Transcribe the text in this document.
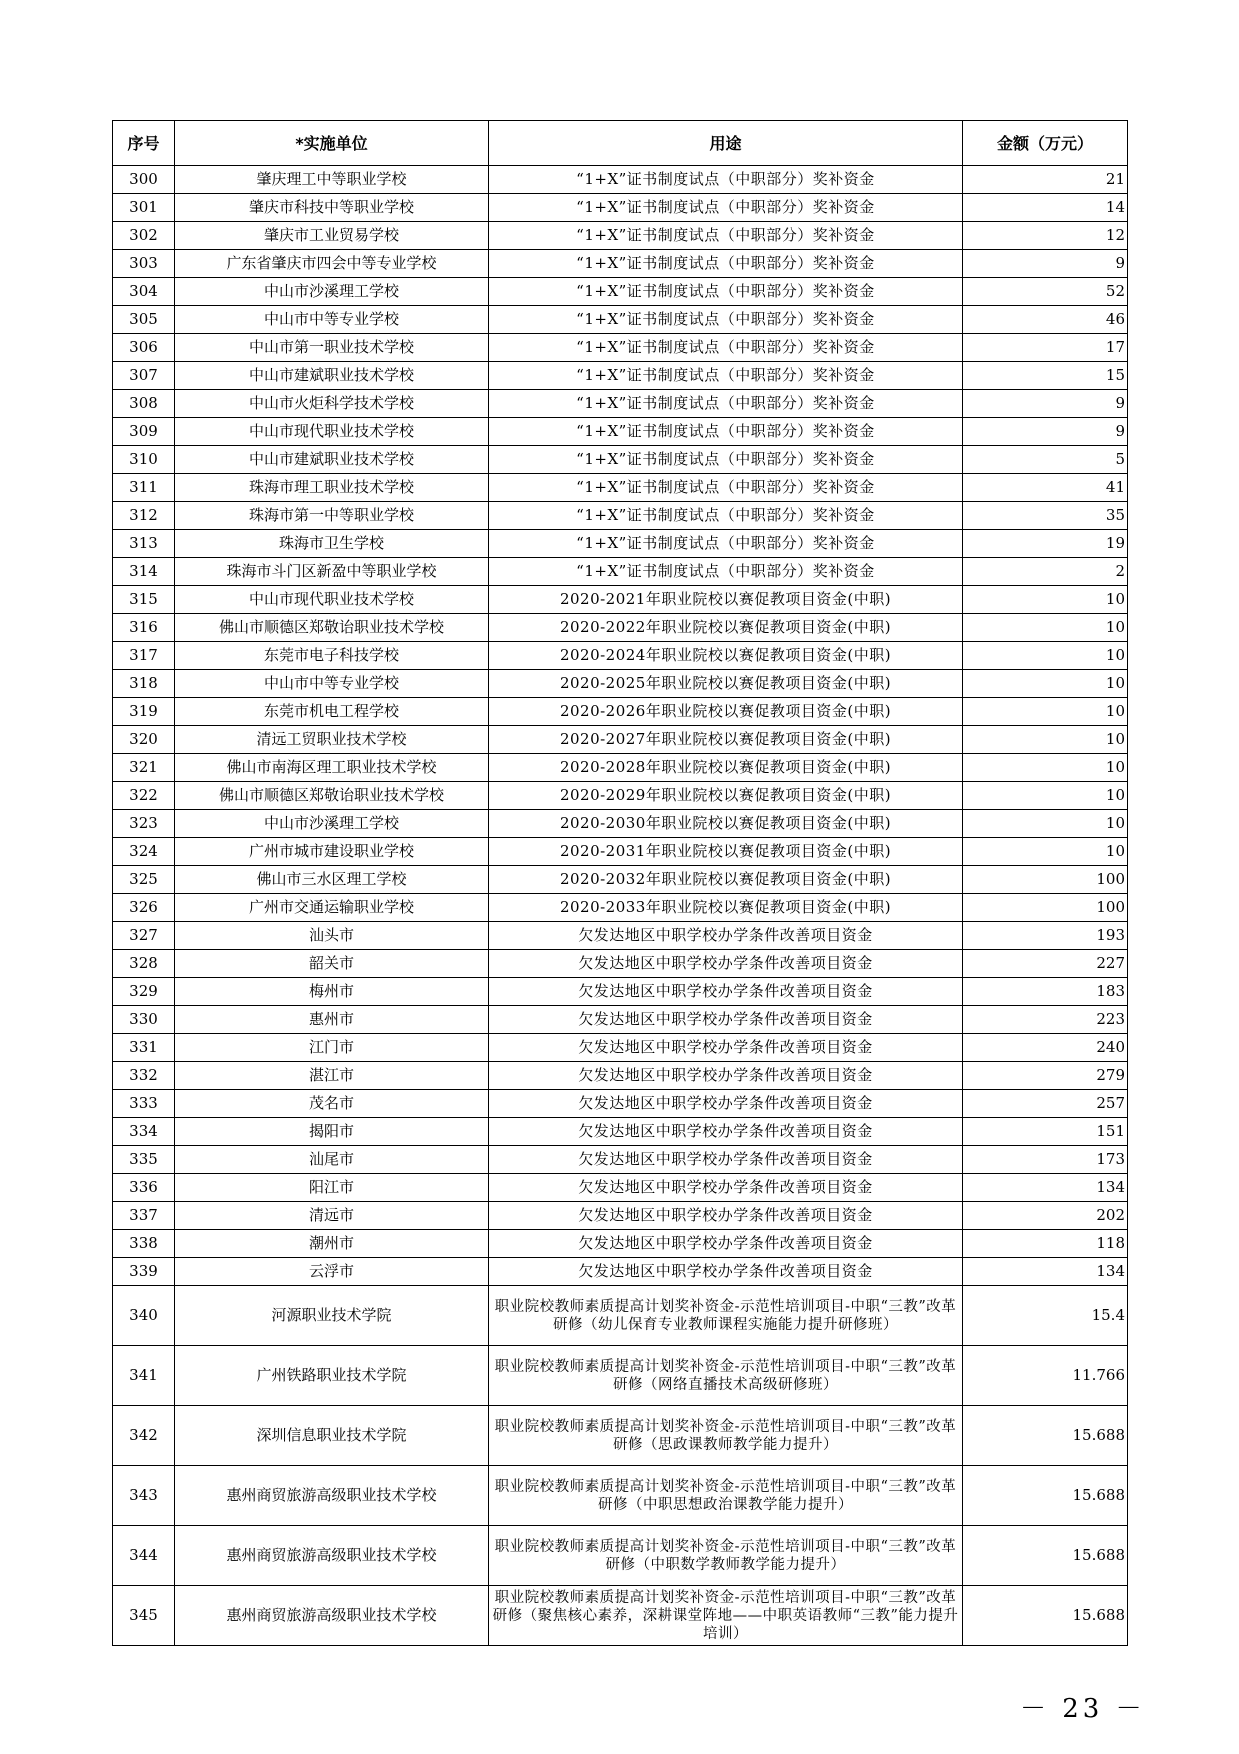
序号	*实施单位	用途	金额（万元）
300	肇庆理工中等职业学校	“1+X”证书制度试点（中职部分）奖补资金	21
301	肇庆市科技中等职业学校	“1+X”证书制度试点（中职部分）奖补资金	14
302	肇庆市工业贸易学校	“1+X”证书制度试点（中职部分）奖补资金	12
303	广东省肇庆市四会中等专业学校	“1+X”证书制度试点（中职部分）奖补资金	9
304	中山市沙溪理工学校	“1+X”证书制度试点（中职部分）奖补资金	52
305	中山市中等专业学校	“1+X”证书制度试点（中职部分）奖补资金	46
306	中山市第一职业技术学校	“1+X”证书制度试点（中职部分）奖补资金	17
307	中山市建斌职业技术学校	“1+X”证书制度试点（中职部分）奖补资金	15
308	中山市火炬科学技术学校	“1+X”证书制度试点（中职部分）奖补资金	9
309	中山市现代职业技术学校	“1+X”证书制度试点（中职部分）奖补资金	9
310	中山市建斌职业技术学校	“1+X”证书制度试点（中职部分）奖补资金	5
311	珠海市理工职业技术学校	“1+X”证书制度试点（中职部分）奖补资金	41
312	珠海市第一中等职业学校	“1+X”证书制度试点（中职部分）奖补资金	35
313	珠海市卫生学校	“1+X”证书制度试点（中职部分）奖补资金	19
314	珠海市斗门区新盈中等职业学校	“1+X”证书制度试点（中职部分）奖补资金	2
315	中山市现代职业技术学校	2020-2021年职业院校以赛促教项目资金(中职)	10
316	佛山市顺德区郑敬诒职业技术学校	2020-2022年职业院校以赛促教项目资金(中职)	10
317	东莞市电子科技学校	2020-2024年职业院校以赛促教项目资金(中职)	10
318	中山市中等专业学校	2020-2025年职业院校以赛促教项目资金(中职)	10
319	东莞市机电工程学校	2020-2026年职业院校以赛促教项目资金(中职)	10
320	清远工贸职业技术学校	2020-2027年职业院校以赛促教项目资金(中职)	10
321	佛山市南海区理工职业技术学校	2020-2028年职业院校以赛促教项目资金(中职)	10
322	佛山市顺德区郑敬诒职业技术学校	2020-2029年职业院校以赛促教项目资金(中职)	10
323	中山市沙溪理工学校	2020-2030年职业院校以赛促教项目资金(中职)	10
324	广州市城市建设职业学校	2020-2031年职业院校以赛促教项目资金(中职)	10
325	佛山市三水区理工学校	2020-2032年职业院校以赛促教项目资金(中职)	100
326	广州市交通运输职业学校	2020-2033年职业院校以赛促教项目资金(中职)	100
327	汕头市	欠发达地区中职学校办学条件改善项目资金	193
328	韶关市	欠发达地区中职学校办学条件改善项目资金	227
329	梅州市	欠发达地区中职学校办学条件改善项目资金	183
330	惠州市	欠发达地区中职学校办学条件改善项目资金	223
331	江门市	欠发达地区中职学校办学条件改善项目资金	240
332	湛江市	欠发达地区中职学校办学条件改善项目资金	279
333	茂名市	欠发达地区中职学校办学条件改善项目资金	257
334	揭阳市	欠发达地区中职学校办学条件改善项目资金	151
335	汕尾市	欠发达地区中职学校办学条件改善项目资金	173
336	阳江市	欠发达地区中职学校办学条件改善项目资金	134
337	清远市	欠发达地区中职学校办学条件改善项目资金	202
338	潮州市	欠发达地区中职学校办学条件改善项目资金	118
339	云浮市	欠发达地区中职学校办学条件改善项目资金	134
340	河源职业技术学院	职业院校教师素质提高计划奖补资金-示范性培训项目-中职“三教”改革研修（幼儿保育专业教师课程实施能力提升研修班）	15.4
341	广州铁路职业技术学院	职业院校教师素质提高计划奖补资金-示范性培训项目-中职“三教”改革研修（网络直播技术高级研修班）	11.766
342	深圳信息职业技术学院	职业院校教师素质提高计划奖补资金-示范性培训项目-中职“三教”改革研修（思政课教师教学能力提升）	15.688
343	惠州商贸旅游高级职业技术学校	职业院校教师素质提高计划奖补资金-示范性培训项目-中职“三教”改革研修（中职思想政治课教学能力提升）	15.688
344	惠州商贸旅游高级职业技术学校	职业院校教师素质提高计划奖补资金-示范性培训项目-中职“三教”改革研修（中职数学教师教学能力提升）	15.688
345	惠州商贸旅游高级职业技术学校	职业院校教师素质提高计划奖补资金-示范性培训项目-中职“三教”改革研修（聚焦核心素养，深耕课堂阵地——中职英语教师“三教”能力提升培训）	15.688
－ 23 －
